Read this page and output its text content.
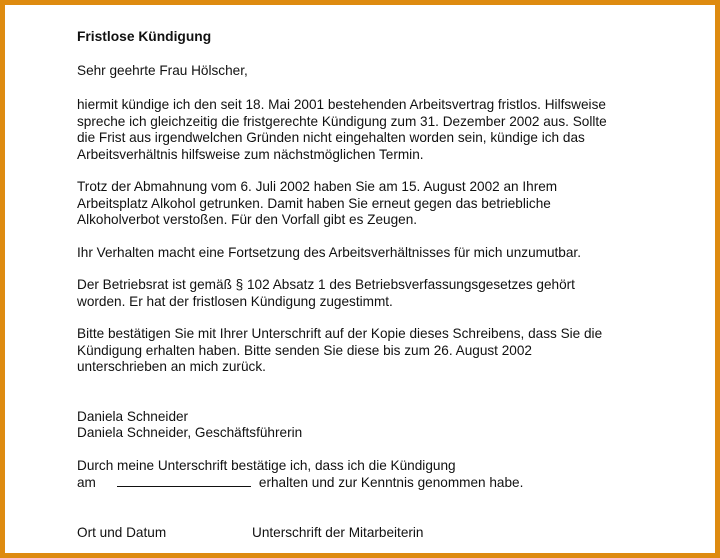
Fristlose Kündigung

Sehr geehrte Frau Hölscher,

hiermit kündige ich den seit 18. Mai 2001 bestehenden Arbeitsvertrag fristlos. Hilfsweise

spreche ich gleichzeitig die fristgerechte Kündigung zum 31. Dezember 2002 aus. Sollte

die Frist aus irgendwelchen Gründen nicht eingehalten worden sein, kündige ich das

Arbeitsverhältnis hilfsweise zum nächstmöglichen Termin.

Trotz der Abmahnung vom 6. Juli 2002 haben Sie am 15. August 2002 an Ihrem

Arbeitsplatz Alkohol getrunken. Damit haben Sie erneut gegen das betriebliche

Alkoholverbot verstoßen. Für den Vorfall gibt es Zeugen.

Ihr Verhalten macht eine Fortsetzung des Arbeitsverhältnisses für mich unzumutbar.

Der Betriebsrat ist gemäß § 102 Absatz 1 des Betriebsverfassungsgesetzes gehört

worden. Er hat der fristlosen Kündigung zugestimmt.

Bitte bestätigen Sie mit Ihrer Unterschrift auf der Kopie dieses Schreibens, dass Sie die

Kündigung erhalten haben. Bitte senden Sie diese bis zum 26. August 2002

unterschrieben an mich zurück.

Daniela Schneider

Daniela Schneider, Geschäftsführerin

Durch meine Unterschrift bestätige ich, dass ich die Kündigung

am	erhalten und zur Kenntnis genommen habe.
Ort und Datum	Unterschrift der Mitarbeiterin
